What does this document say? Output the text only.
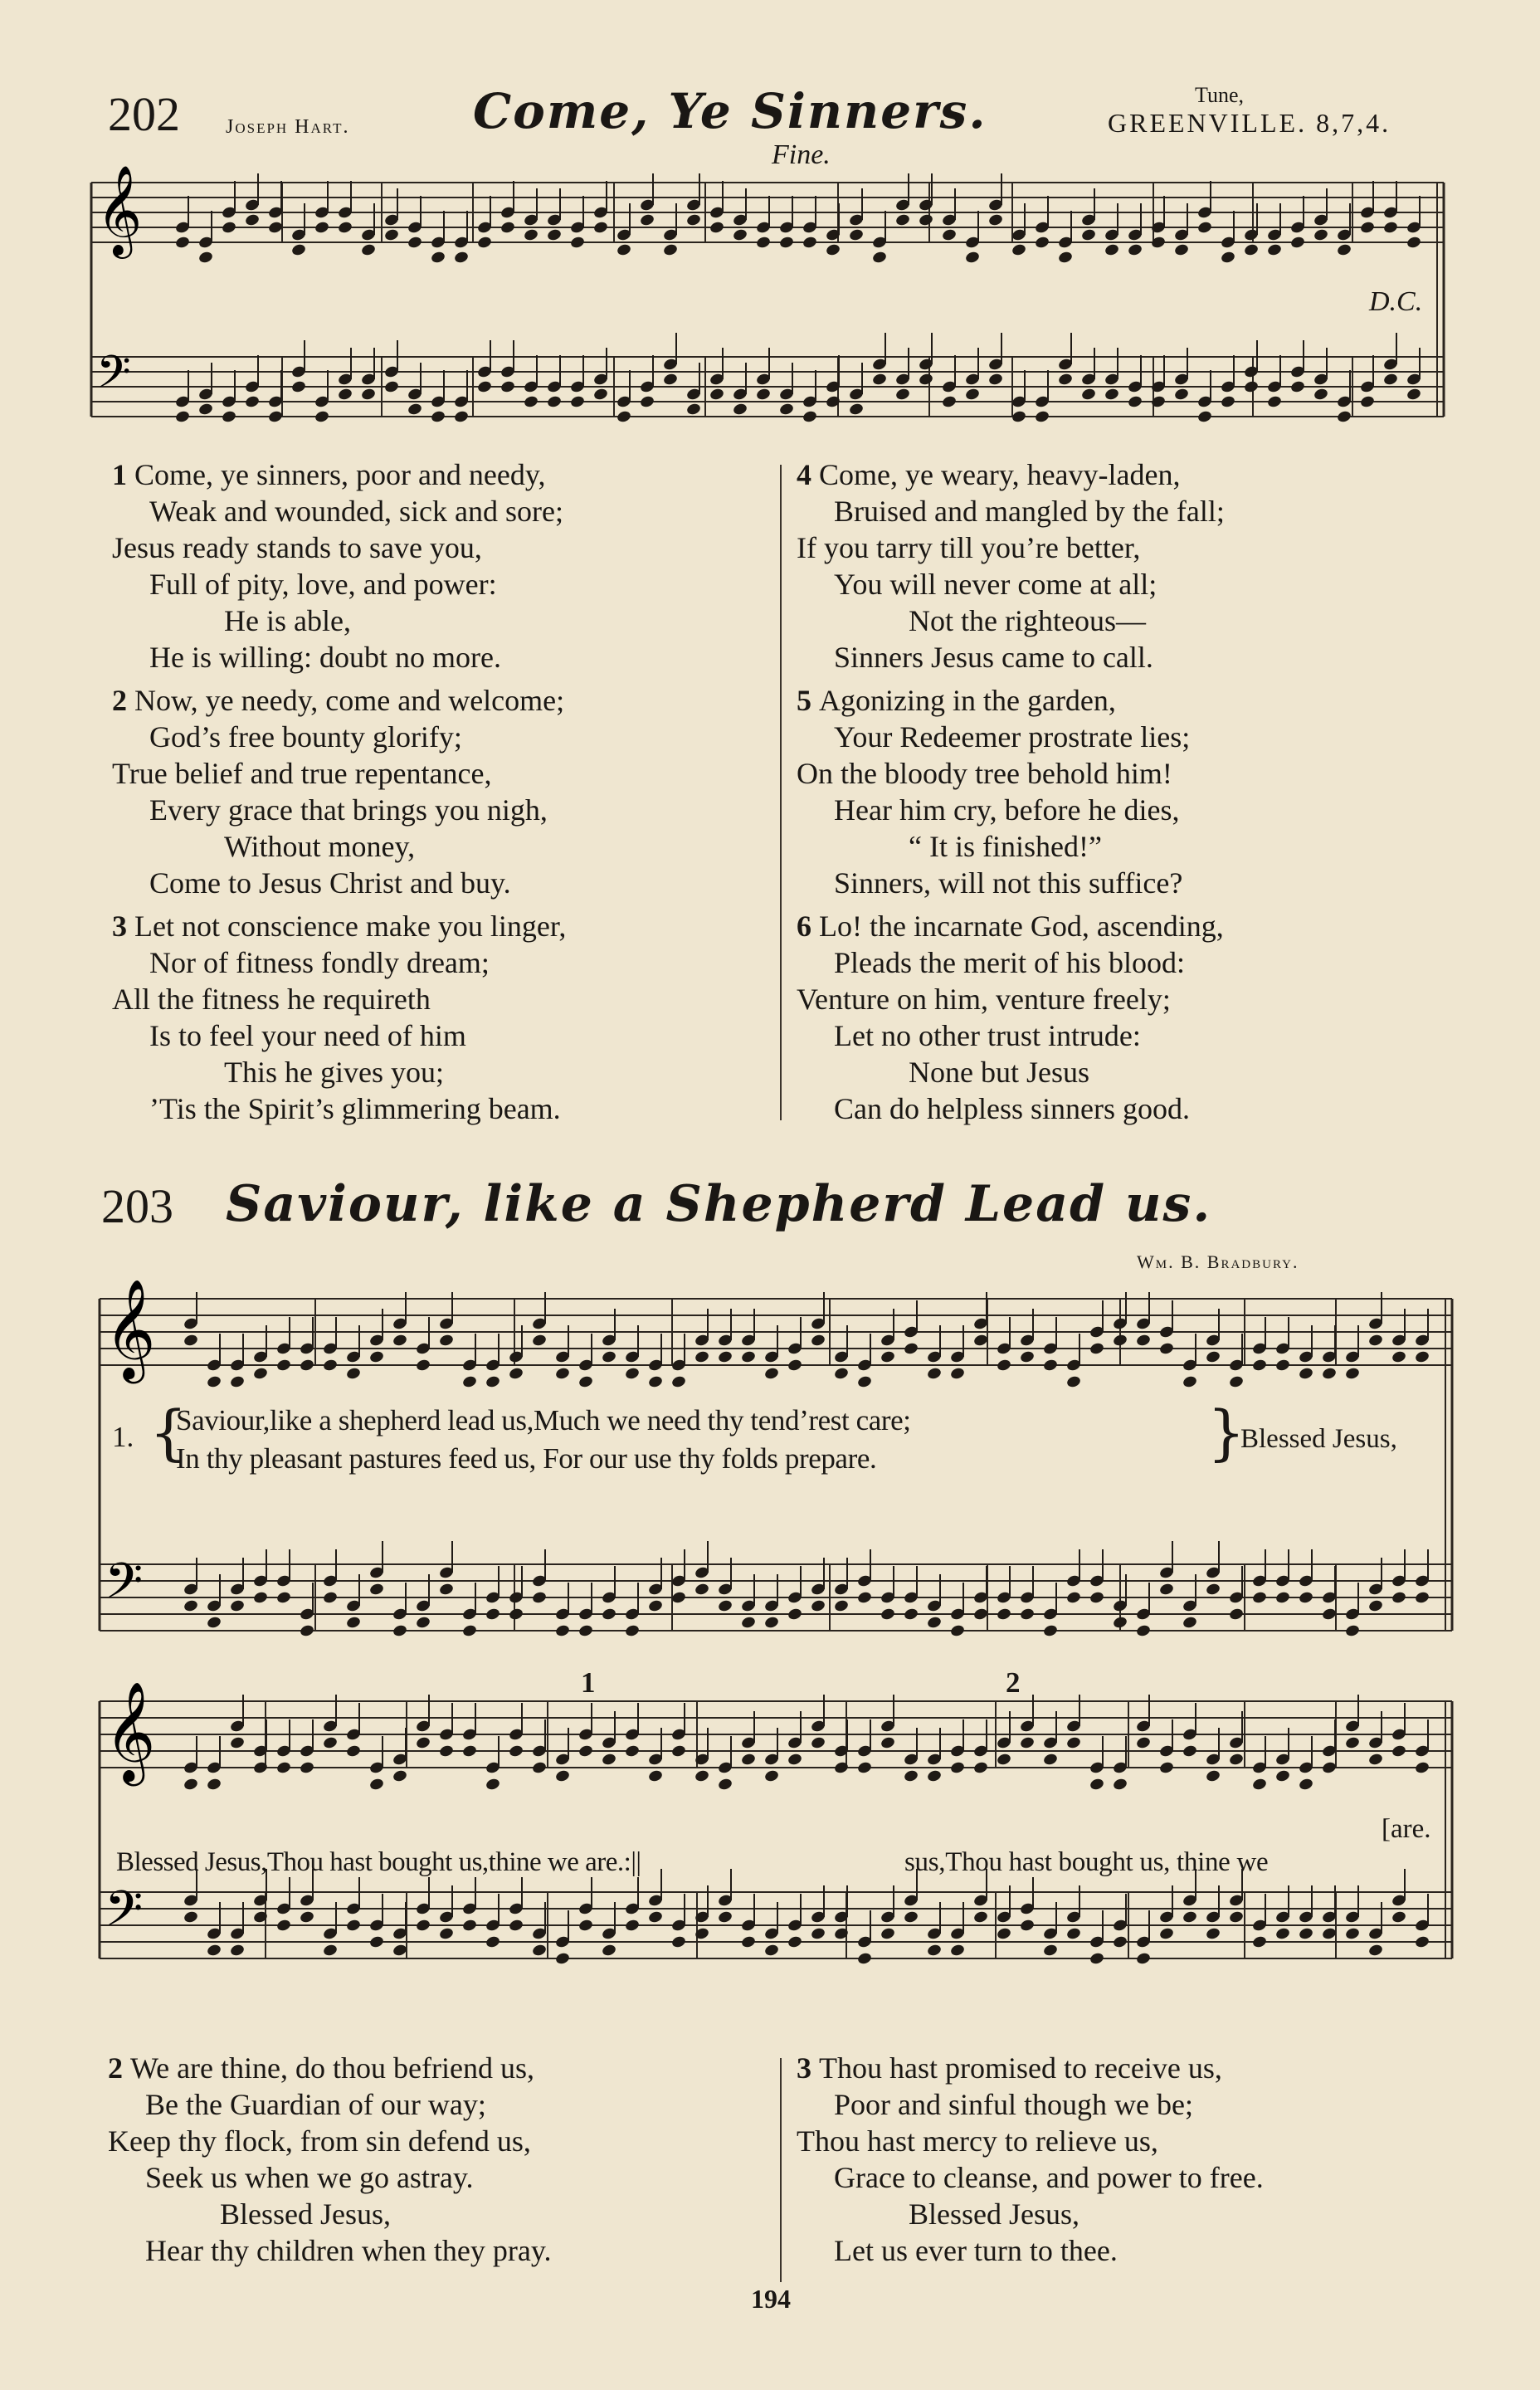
202 Joseph Hart.	Come, Ye Sinners.	Tune,
GREENVILLE. 8,7,4.
Fine.
D.C.
𝄞
𝄢
1 Come, ye sinners, poor and needy,
Weak and wounded, sick and sore;
Jesus ready stands to save you,
Full of pity, love, and power:
He is able,
He is willing: doubt no more.
2 Now, ye needy, come and welcome;
God’s free bounty glorify;
True belief and true repentance,
Every grace that brings you nigh,
Without money,
Come to Jesus Christ and buy.
3 Let not conscience make you linger,
Nor of fitness fondly dream;
All the fitness he requireth
Is to feel your need of him
This he gives you;
’Tis the Spirit’s glimmering beam.
4 Come, ye weary, heavy-laden,
Bruised and mangled by the fall;
If you tarry till you’re better,
You will never come at all;
Not the righteous—
Sinners Jesus came to call.
5 Agonizing in the garden,
Your Redeemer prostrate lies;
On the bloody tree behold him!
Hear him cry, before he dies,
“ It is finished!”
Sinners, will not this suffice?
6 Lo! the incarnate God, ascending,
Pleads the merit of his blood:
Venture on him, venture freely;
Let no other trust intrude:
None but Jesus
Can do helpless sinners good.
203 Saviour, like a Shepherd Lead us.
Wm. B. Bradbury.
𝄞
𝄢
1. {
Saviour,like a shepherd lead us,Much we need thy tend’rest care;
In thy pleasant pastures feed us, For our use thy folds prepare.	}
Blessed Jesus,
𝄞
𝄢
1	2
Blessed Jesus,Thou hast bought us,thine we are.:||	sus,Thou hast bought us, thine we
[are.
2 We are thine, do thou befriend us,
Be the Guardian of our way;
Keep thy flock, from sin defend us,
Seek us when we go astray.
Blessed Jesus,
Hear thy children when they pray.
3 Thou hast promised to receive us,
Poor and sinful though we be;
Thou hast mercy to relieve us,
Grace to cleanse, and power to free.
Blessed Jesus,
Let us ever turn to thee.
194
